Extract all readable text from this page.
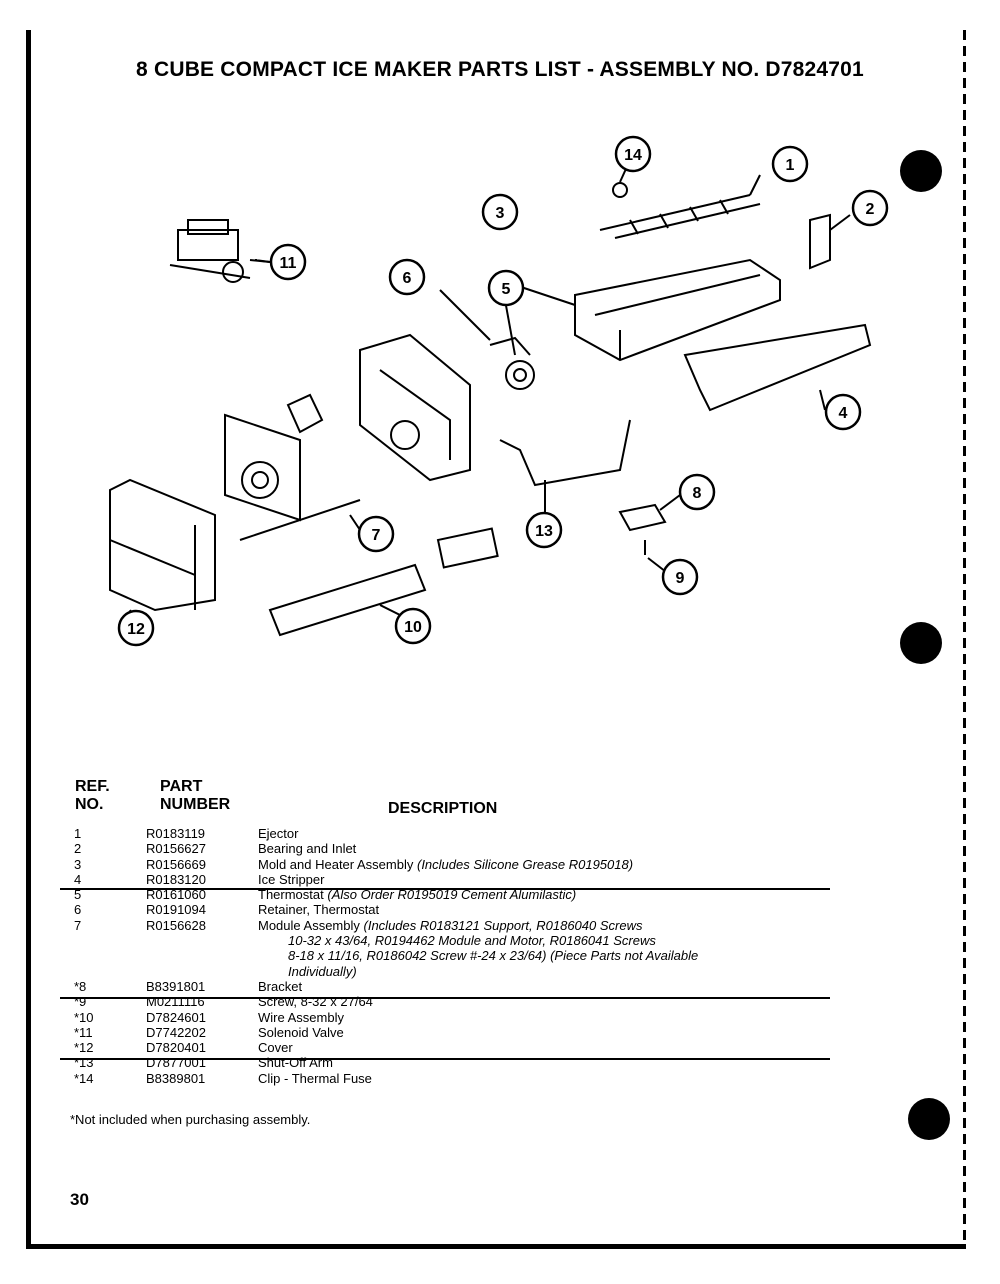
8 CUBE COMPACT ICE MAKER PARTS LIST - ASSEMBLY NO. D7824701
1
2
3
4
5
6
7
8
9
10
11
12
13
14
REF.
NO.
PART
NUMBER	DESCRIPTION
1	R0183119	Ejector
2	R0156627	Bearing and Inlet
3	R0156669	Mold and Heater Assembly (Includes Silicone Grease R0195018)
4	R0183120	Ice Stripper
5	R0161060	Thermostat (Also Order R0195019 Cement Alumilastic)
6	R0191094	Retainer, Thermostat
7	R0156628	Module Assembly (Includes R0183121 Support, R0186040 Screws
10-32 x 43/64, R0194462 Module and Motor, R0186041 Screws
8-18 x 11/16, R0186042 Screw #-24 x 23/64) (Piece Parts not Available
Individually)
*8	B8391801	Bracket
*9	M0211116	Screw, 8-32 x 27/64
*10	D7824601	Wire Assembly
*11	D7742202	Solenoid Valve
*12	D7820401	Cover
*13	D7877001	Shut-Off Arm
*14	B8389801	Clip - Thermal Fuse
*Not included when purchasing assembly.
30
